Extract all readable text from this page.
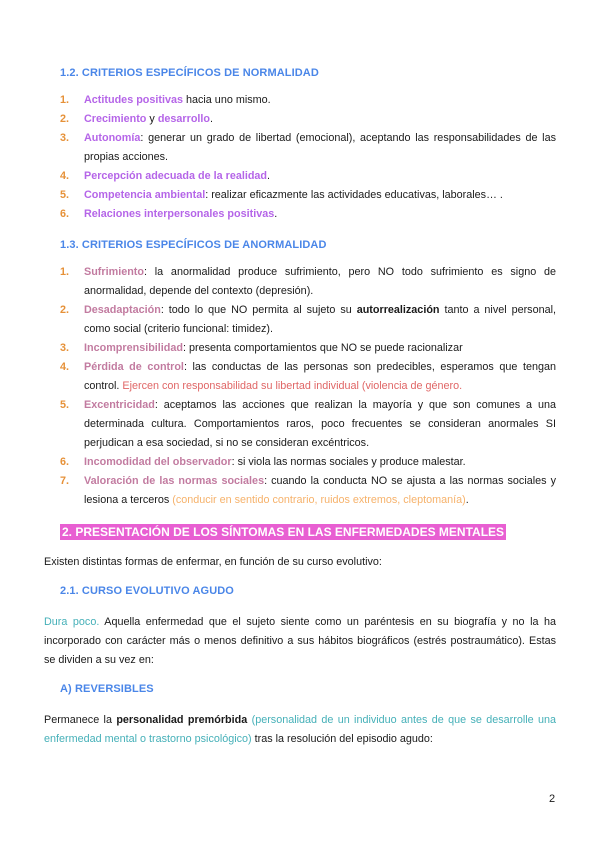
1.2. CRITERIOS ESPECÍFICOS DE NORMALIDAD
1. Actitudes positivas hacia uno mismo.
2. Crecimiento y desarrollo.
3. Autonomía: generar un grado de libertad (emocional), aceptando las responsabilidades de las propias acciones.
4. Percepción adecuada de la realidad.
5. Competencia ambiental: realizar eficazmente las actividades educativas, laborales… .
6. Relaciones interpersonales positivas.
1.3. CRITERIOS ESPECÍFICOS DE ANORMALIDAD
1. Sufrimiento: la anormalidad produce sufrimiento, pero NO todo sufrimiento es signo de anormalidad, depende del contexto (depresión).
2. Desadaptación: todo lo que NO permita al sujeto su autorrealización tanto a nivel personal, como social (criterio funcional: timidez).
3. Incomprensibilidad: presenta comportamientos que NO se puede racionalizar
4. Pérdida de control: las conductas de las personas son predecibles, esperamos que tengan control. Ejercen con responsabilidad su libertad individual (violencia de género.
5. Excentricidad: aceptamos las acciones que realizan la mayoría y que son comunes a una determinada cultura. Comportamientos raros, poco frecuentes se consideran anormales SI perjudican a esa sociedad, si no se consideran excéntricos.
6. Incomodidad del observador: si viola las normas sociales y produce malestar.
7. Valoración de las normas sociales: cuando la conducta NO se ajusta a las normas sociales y lesiona a terceros (conducir en sentido contrario, ruidos extremos, cleptomanía).
2. PRESENTACIÓN DE LOS SÍNTOMAS EN LAS ENFERMEDADES MENTALES
Existen distintas formas de enfermar, en función de su curso evolutivo:
2.1. CURSO EVOLUTIVO AGUDO
Dura poco. Aquella enfermedad que el sujeto siente como un paréntesis en su biografía y no la ha incorporado con carácter más o menos definitivo a sus hábitos biográficos (estrés postraumático). Estas se dividen a su vez en:
A) REVERSIBLES
Permanece la personalidad premórbida (personalidad de un individuo antes de que se desarrolle una enfermedad mental o trastorno psicológico) tras la resolución del episodio agudo:
2
